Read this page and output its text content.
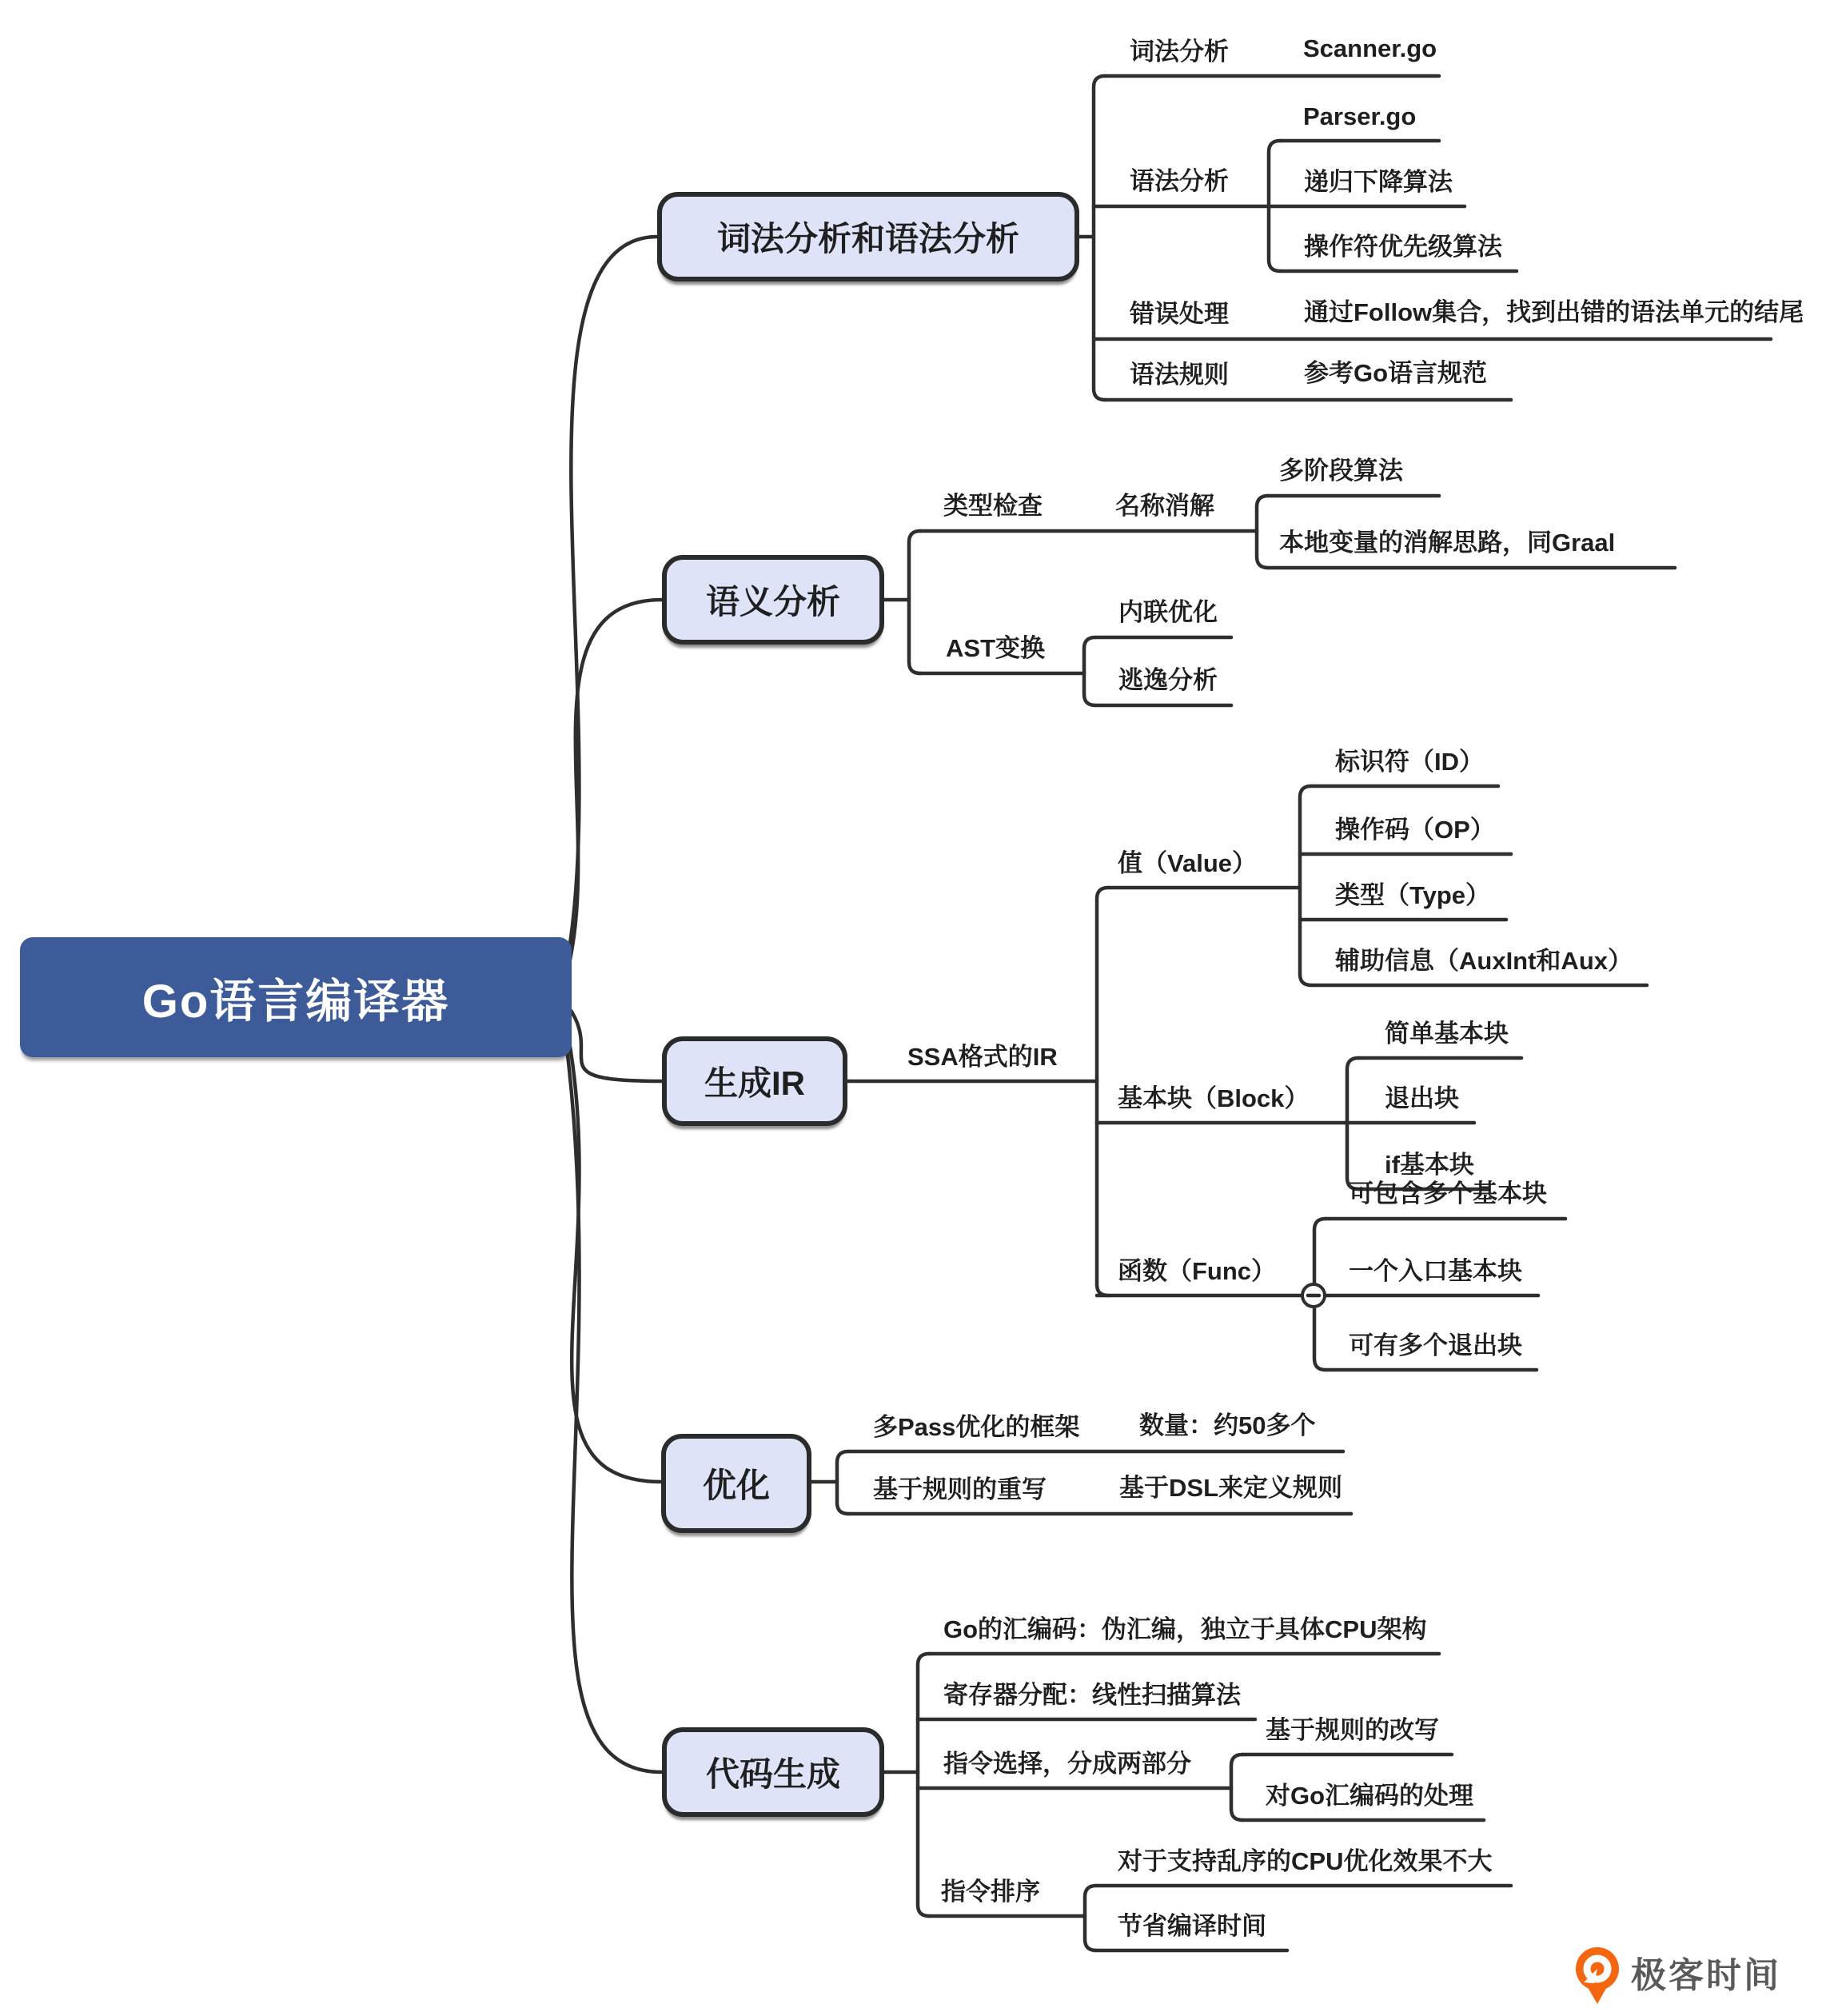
Go语言编译器
词法分析和语法分析
语义分析
生成IR
优化
代码生成
词法分析	Scanner.go
Parser.go
语法分析	递归下降算法
操作符优先级算法
错误处理	通过Follow集合，找到出错的语法单元的结尾
语法规则	参考Go语言规范
类型检查	名称消解
多阶段算法
本地变量的消解思路，同Graal
AST变换
内联优化
逃逸分析
SSA格式的IR
值（Value）
标识符（ID）
操作码（OP）
类型（Type）
辅助信息（AuxInt和Aux）
基本块（Block）
简单基本块
退出块
if基本块
函数（Func）
可包含多个基本块
一个入口基本块
可有多个退出块
多Pass优化的框架 数量：约50多个
基于规则的重写	基于DSL来定义规则
Go的汇编码：伪汇编，独立于具体CPU架构
寄存器分配：线性扫描算法
指令选择，分成两部分
基于规则的改写
对Go汇编码的处理
指令排序
对于支持乱序的CPU优化效果不大
节省编译时间
极客时间
